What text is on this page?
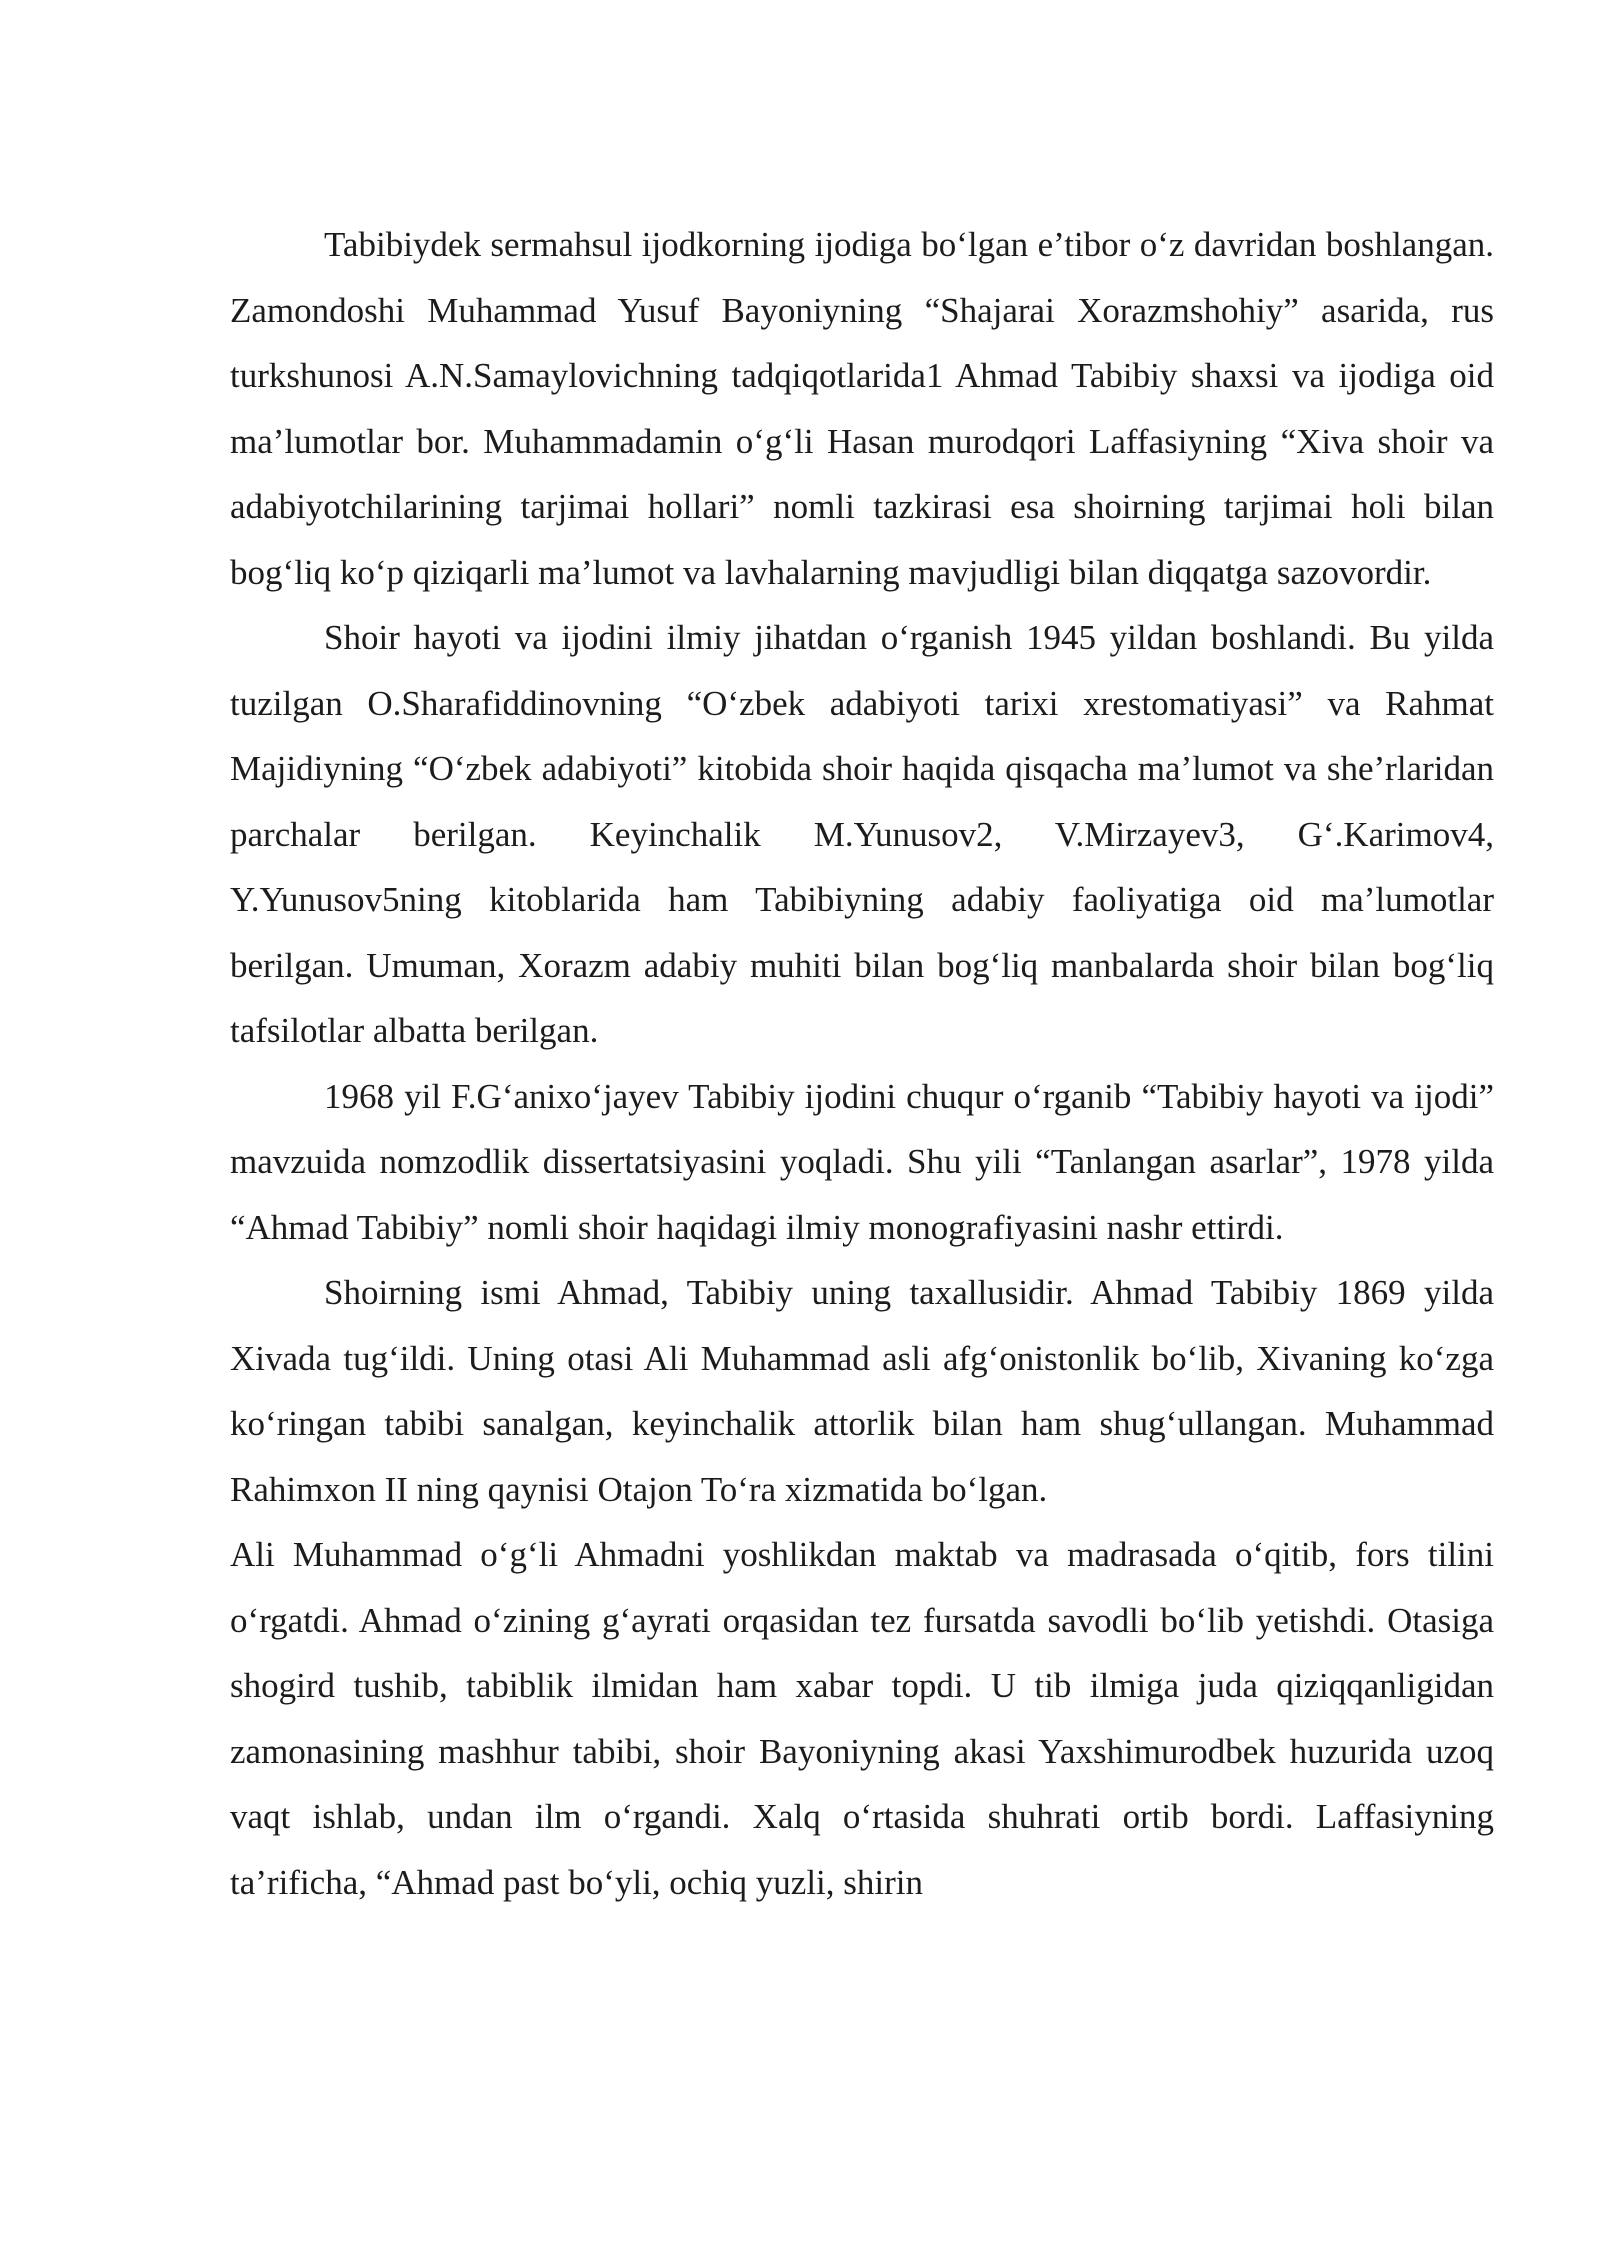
Tabibiydek sermahsul ijodkorning ijodiga bo‘lgan e’tibor o‘z davridan boshlangan. Zamondoshi Muhammad Yusuf Bayoniyning “Shajarai Xorazmshohiy” asarida, rus turkshunosi A.N.Samaylovichning tadqiqotlarida1 Ahmad Tabibiy shaxsi va ijodiga oid ma’lumotlar bor. Muhammadamin o‘g‘li Hasan murodqori Laffasiyning “Xiva shoir va adabiyotchilarining tarjimai hollari” nomli tazkirasi esa shoirning tarjimai holi bilan bog‘liq ko‘p qiziqarli ma’lumot va lavhalarning mavjudligi bilan diqqatga sazovordir.

Shoir hayoti va ijodini ilmiy jihatdan o‘rganish 1945 yildan boshlandi. Bu yilda tuzilgan O.Sharafiddinovning “O‘zbek adabiyoti tarixi xrestomatiyasi” va Rahmat Majidiyning “O‘zbek adabiyoti” kitobida shoir haqida qisqacha ma’lumot va she’rlaridan parchalar berilgan. Keyinchalik M.Yunusov2, V.Mirzayev3, G‘.Karimov4, Y.Yunusov5ning kitoblarida ham Tabibiyning adabiy faoliyatiga oid ma’lumotlar berilgan. Umuman, Xorazm adabiy muhiti bilan bog‘liq manbalarda shoir bilan bog‘liq tafsilotlar albatta berilgan.

1968 yil F.G‘anixo‘jayev Tabibiy ijodini chuqur o‘rganib “Tabibiy hayoti va ijodi” mavzuida nomzodlik dissertatsiyasini yoqladi. Shu yili “Tanlangan asarlar”, 1978 yilda “Ahmad Tabibiy” nomli shoir haqidagi ilmiy monografiyasini nashr ettirdi.

Shoirning ismi Ahmad, Tabibiy uning taxallusidir. Ahmad Tabibiy 1869 yilda Xivada tug‘ildi. Uning otasi Ali Muhammad asli afg‘onistonlik bo‘lib, Xivaning ko‘zga ko‘ringan tabibi sanalgan, keyinchalik attorlik bilan ham shug‘ullangan. Muhammad Rahimxon II ning qaynisi Otajon To‘ra xizmatida bo‘lgan.

Ali Muhammad o‘g‘li Ahmadni yoshlikdan maktab va madrasada o‘qitib, fors tilini o‘rgatdi. Ahmad o‘zining g‘ayrati orqasidan tez fursatda savodli bo‘lib yetishdi. Otasiga shogird tushib, tabiblik ilmidan ham xabar topdi. U tib ilmiga juda qiziqqanligidan zamonasining mashhur tabibi, shoir Bayoniyning akasi Yaxshimurodbek huzurida uzoq vaqt ishlab, undan ilm o‘rgandi. Xalq o‘rtasida shuhrati ortib bordi. Laffasiyning ta’rificha, “Ahmad past bo‘yli, ochiq yuzli, shirin
